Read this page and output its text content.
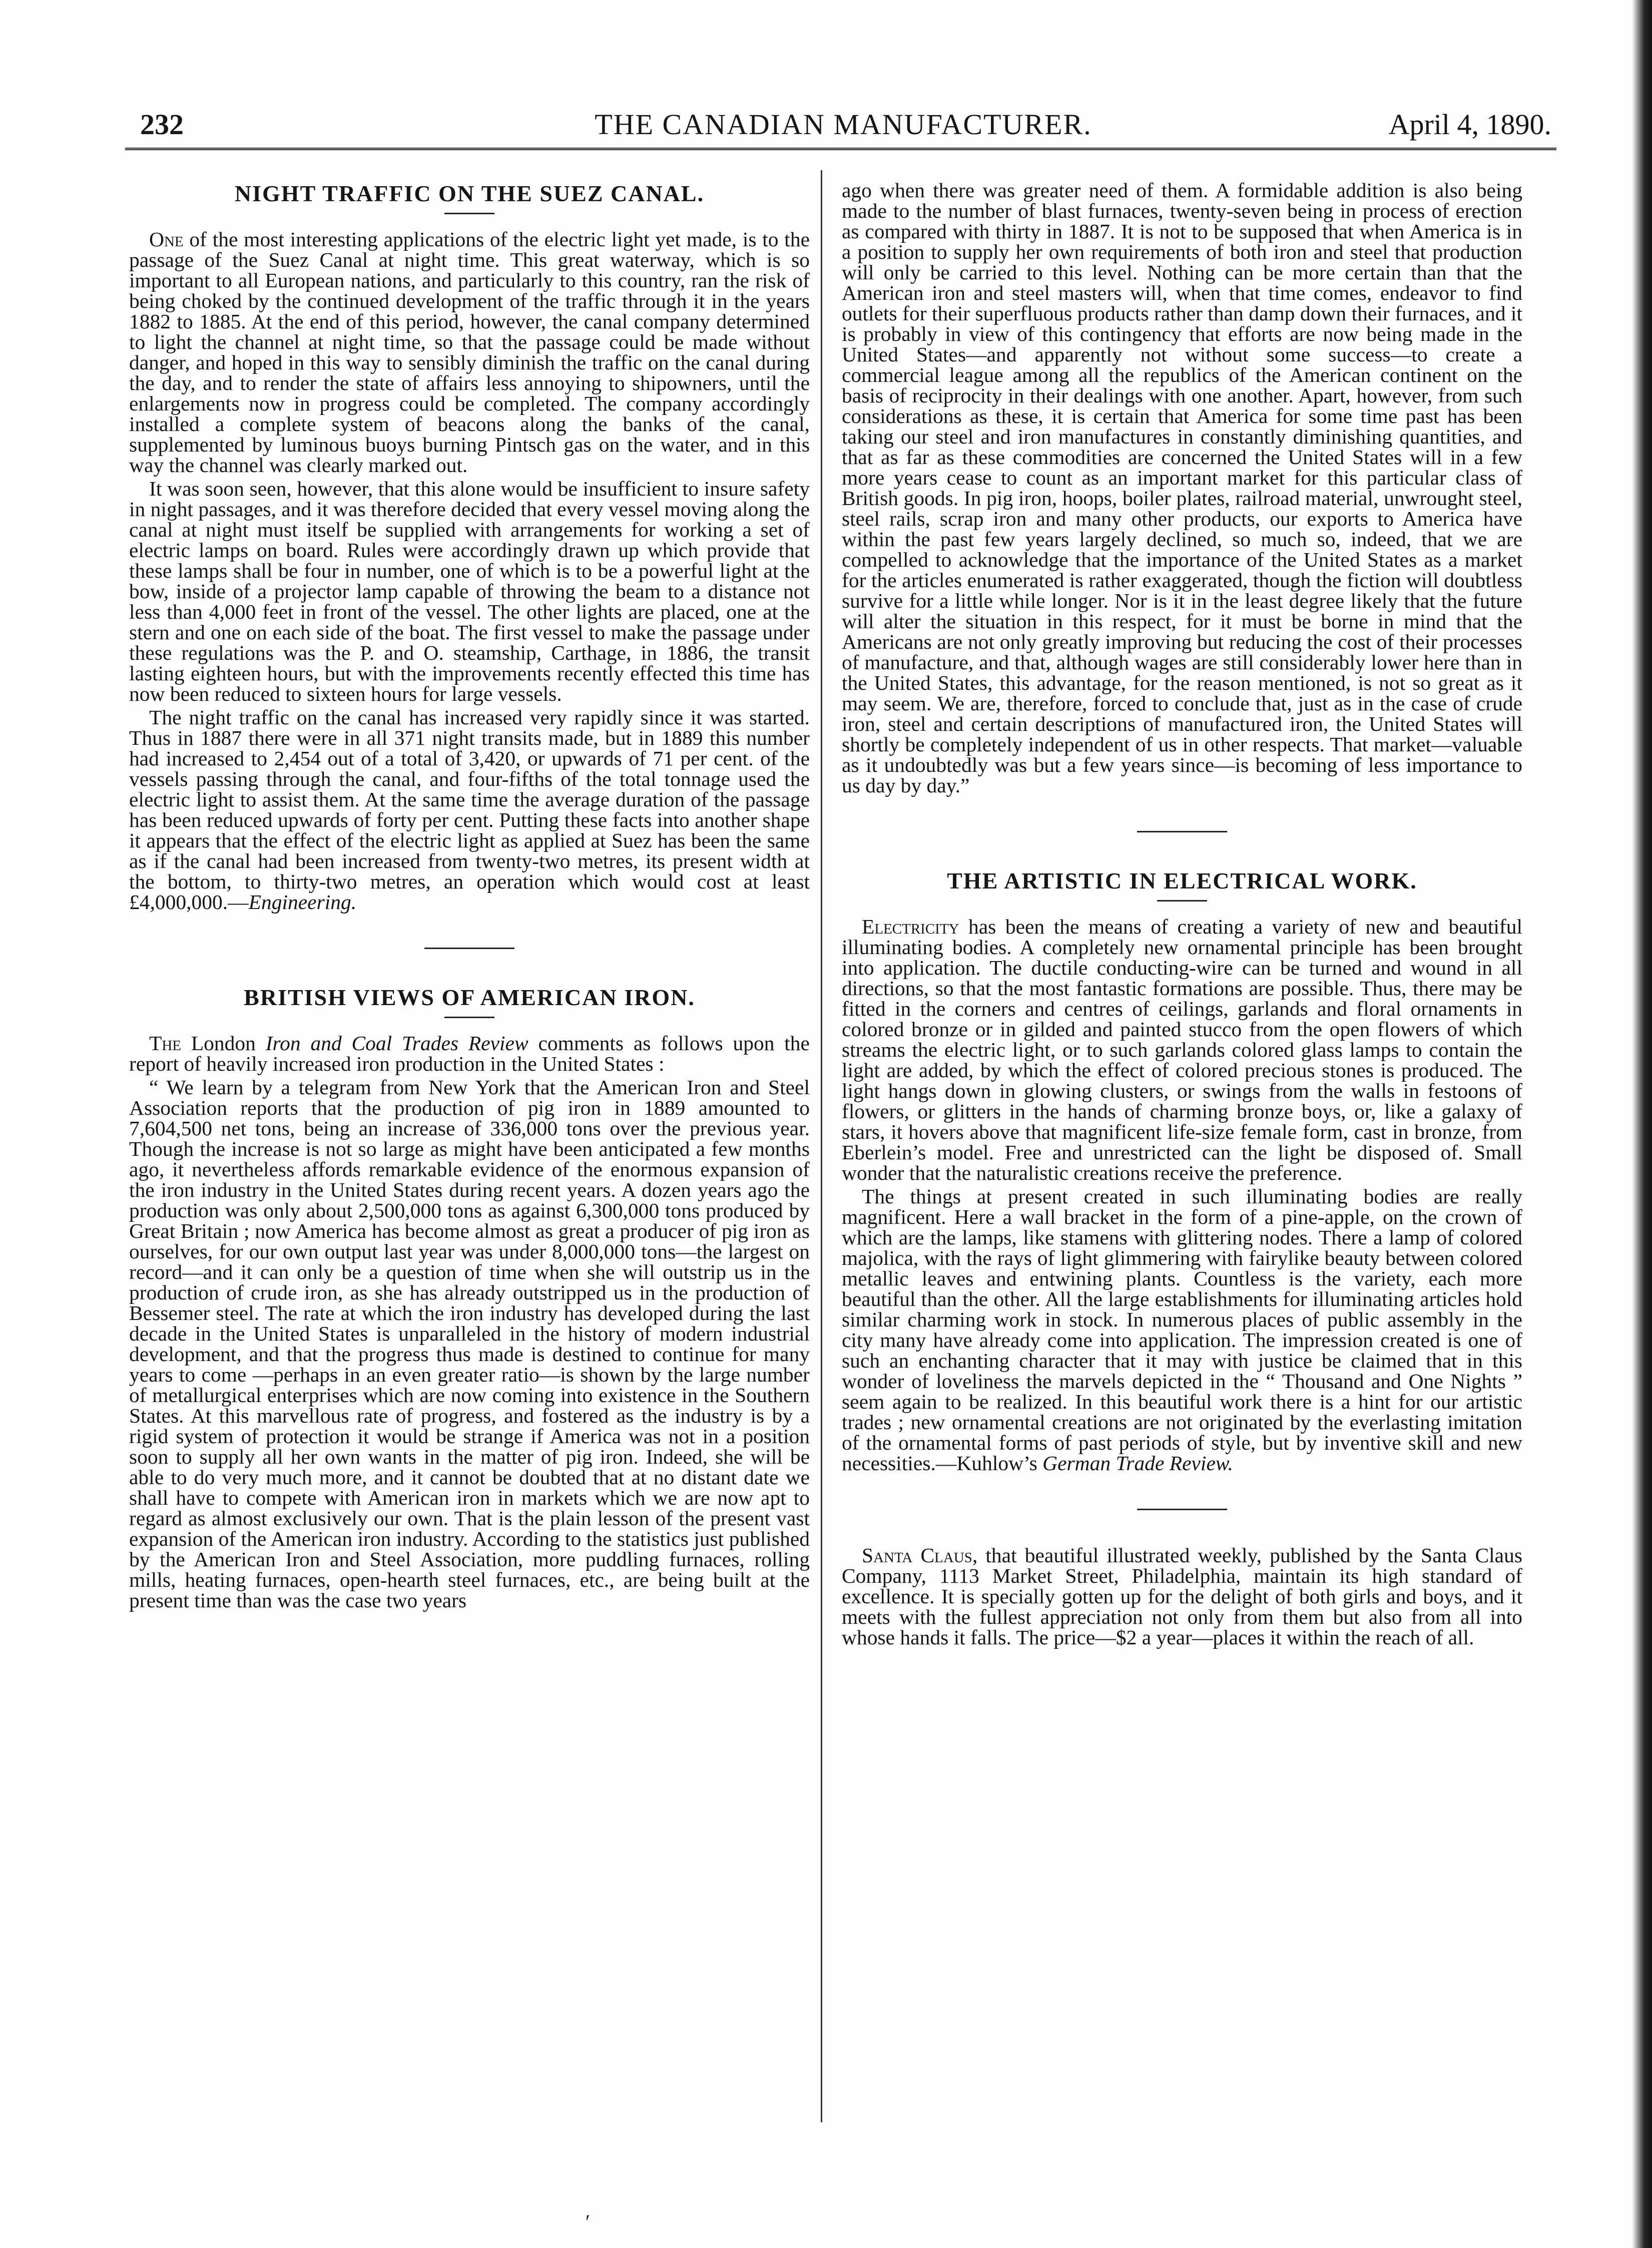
232	THE CANADIAN MANUFACTURER.	April 4, 1890.
NIGHT TRAFFIC ON THE SUEZ CANAL.

One of the most interesting applications of the electric light yet made, is to the passage of the Suez Canal at night time. This great waterway, which is so important to all European nations, and particularly to this country, ran the risk of being choked by the continued development of the traffic through it in the years 1882 to 1885. At the end of this period, however, the canal company determined to light the channel at night time, so that the passage could be made without danger, and hoped in this way to sensibly diminish the traffic on the canal during the day, and to render the state of affairs less annoying to shipowners, until the enlargements now in progress could be completed. The company accordingly installed a complete system of beacons along the banks of the canal, supplemented by luminous buoys burning Pintsch gas on the water, and in this way the channel was clearly marked out.

It was soon seen, however, that this alone would be insufficient to insure safety in night passages, and it was therefore decided that every vessel moving along the canal at night must itself be supplied with arrangements for working a set of electric lamps on board. Rules were accordingly drawn up which provide that these lamps shall be four in number, one of which is to be a powerful light at the bow, inside of a projector lamp capable of throwing the beam to a distance not less than 4,000 feet in front of the vessel. The other lights are placed, one at the stern and one on each side of the boat. The first vessel to make the passage under these regulations was the P. and O. steamship, Carthage, in 1886, the transit lasting eighteen hours, but with the improvements recently effected this time has now been reduced to sixteen hours for large vessels.

The night traffic on the canal has increased very rapidly since it was started. Thus in 1887 there were in all 371 night transits made, but in 1889 this number had increased to 2,454 out of a total of 3,420, or upwards of 71 per cent. of the vessels passing through the canal, and four-fifths of the total tonnage used the electric light to assist them. At the same time the average duration of the passage has been reduced upwards of forty per cent. Putting these facts into another shape it appears that the effect of the electric light as applied at Suez has been the same as if the canal had been increased from twenty-two metres, its present width at the bottom, to thirty-two metres, an operation which would cost at least £4,000,000.—Engineering.

BRITISH VIEWS OF AMERICAN IRON.

The London Iron and Coal Trades Review comments as follows upon the report of heavily increased iron production in the United States :

“ We learn by a telegram from New York that the American Iron and Steel Association reports that the production of pig iron in 1889 amounted to 7,604,500 net tons, being an increase of 336,000 tons over the previous year. Though the increase is not so large as might have been anticipated a few months ago, it nevertheless affords remarkable evidence of the enormous expansion of the iron industry in the United States during recent years. A dozen years ago the production was only about 2,500,000 tons as against 6,300,000 tons produced by Great Britain ; now America has become almost as great a producer of pig iron as ourselves, for our own output last year was under 8,000,000 tons—the largest on record—and it can only be a question of time when she will outstrip us in the production of crude iron, as she has already outstripped us in the production of Bessemer steel. The rate at which the iron industry has developed during the last decade in the United States is unparalleled in the history of modern industrial development, and that the progress thus made is destined to continue for many years to come —perhaps in an even greater ratio—is shown by the large number of metallurgical enterprises which are now coming into existence in the Southern States. At this marvellous rate of progress, and fostered as the industry is by a rigid system of protection it would be strange if America was not in a position soon to supply all her own wants in the matter of pig iron. Indeed, she will be able to do very much more, and it cannot be doubted that at no distant date we shall have to compete with American iron in markets which we are now apt to regard as almost exclusively our own. That is the plain lesson of the present vast expansion of the American iron industry. According to the statistics just published by the American Iron and Steel Association, more puddling furnaces, rolling mills, heating furnaces, open-hearth steel furnaces, etc., are being built at the present time than was the case two years

ago when there was greater need of them. A formidable addition is also being made to the number of blast furnaces, twenty-seven being in process of erection as compared with thirty in 1887. It is not to be supposed that when America is in a position to supply her own requirements of both iron and steel that production will only be carried to this level. Nothing can be more certain than that the American iron and steel masters will, when that time comes, endeavor to find outlets for their superfluous products rather than damp down their furnaces, and it is probably in view of this contingency that efforts are now being made in the United States—and apparently not without some success—to create a commercial league among all the republics of the American continent on the basis of reciprocity in their dealings with one another. Apart, however, from such considerations as these, it is certain that America for some time past has been taking our steel and iron manufactures in constantly diminishing quantities, and that as far as these commodities are concerned the United States will in a few more years cease to count as an important market for this particular class of British goods. In pig iron, hoops, boiler plates, railroad material, unwrought steel, steel rails, scrap iron and many other products, our exports to America have within the past few years largely declined, so much so, indeed, that we are compelled to acknowledge that the importance of the United States as a market for the articles enumerated is rather exaggerated, though the fiction will doubtless survive for a little while longer. Nor is it in the least degree likely that the future will alter the situation in this respect, for it must be borne in mind that the Americans are not only greatly improving but reducing the cost of their processes of manufacture, and that, although wages are still considerably lower here than in the United States, this advantage, for the reason mentioned, is not so great as it may seem. We are, therefore, forced to conclude that, just as in the case of crude iron, steel and certain descriptions of manufactured iron, the United States will shortly be completely independent of us in other respects. That market—valuable as it undoubtedly was but a few years since—is becoming of less importance to us day by day.”

THE ARTISTIC IN ELECTRICAL WORK.

Electricity has been the means of creating a variety of new and beautiful illuminating bodies. A completely new ornamental principle has been brought into application. The ductile conducting-wire can be turned and wound in all directions, so that the most fantastic formations are possible. Thus, there may be fitted in the corners and centres of ceilings, garlands and floral ornaments in colored bronze or in gilded and painted stucco from the open flowers of which streams the electric light, or to such garlands colored glass lamps to contain the light are added, by which the effect of colored precious stones is produced. The light hangs down in glowing clusters, or swings from the walls in festoons of flowers, or glitters in the hands of charming bronze boys, or, like a galaxy of stars, it hovers above that magnificent life-size female form, cast in bronze, from Eberlein’s model. Free and unrestricted can the light be disposed of. Small wonder that the naturalistic creations receive the preference.

The things at present created in such illuminating bodies are really magnificent. Here a wall bracket in the form of a pine-apple, on the crown of which are the lamps, like stamens with glittering nodes. There a lamp of colored majolica, with the rays of light glimmering with fairylike beauty between colored metallic leaves and entwining plants. Countless is the variety, each more beautiful than the other. All the large establishments for illuminating articles hold similar charming work in stock. In numerous places of public assembly in the city many have already come into application. The impression created is one of such an enchanting character that it may with justice be claimed that in this wonder of loveliness the marvels depicted in the “ Thousand and One Nights ” seem again to be realized. In this beautiful work there is a hint for our artistic trades ; new ornamental creations are not originated by the everlasting imitation of the ornamental forms of past periods of style, but by inventive skill and new necessities.—Kuhlow’s German Trade Review.

Santa Claus, that beautiful illustrated weekly, published by the Santa Claus Company, 1113 Market Street, Philadelphia, maintain its high standard of excellence. It is specially gotten up for the delight of both girls and boys, and it meets with the fullest appreciation not only from them but also from all into whose hands it falls. The price—$2 a year—places it within the reach of all.

′
